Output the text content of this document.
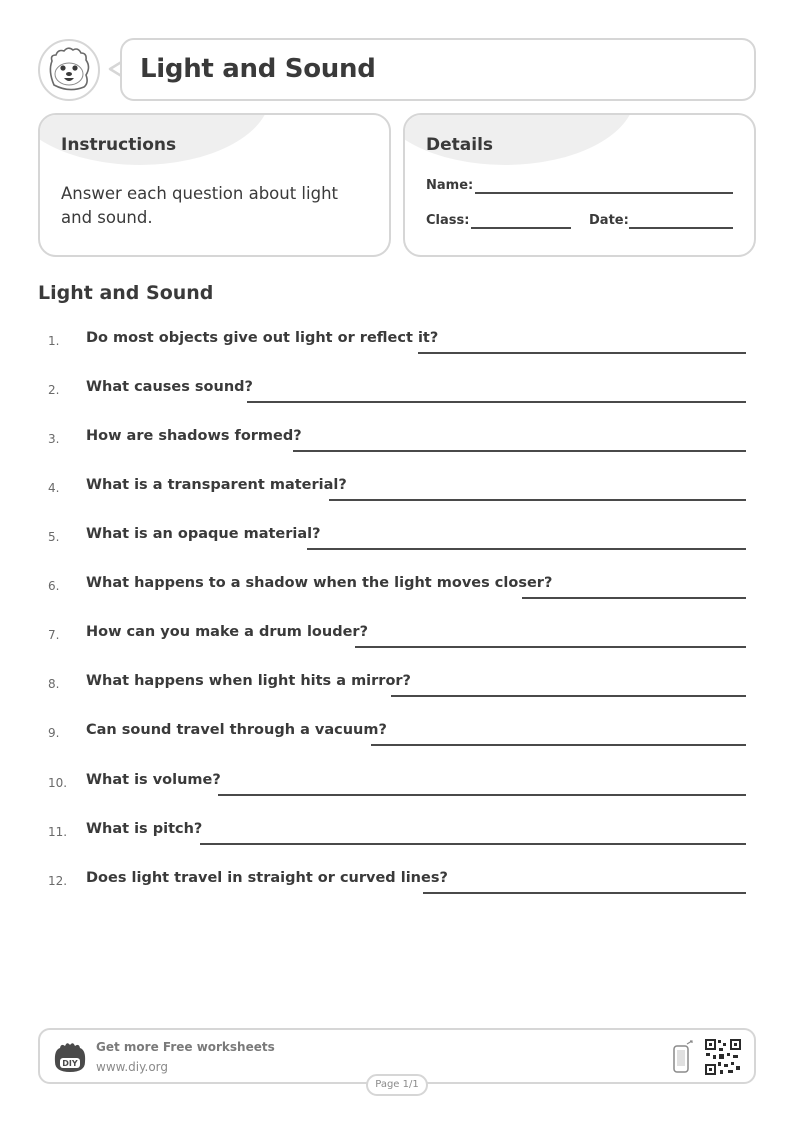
Light and Sound
Instructions
Answer each question about light and sound.
Details
Name:
Class:	Date:
Light and Sound
1. Do most objects give out light or reflect it?
2. What causes sound?
3. How are shadows formed?
4. What is a transparent material?
5. What is an opaque material?
6. What happens to a shadow when the light moves closer?
7. How can you make a drum louder?
8. What happens when light hits a mirror?
9. Can sound travel through a vacuum?
10. What is volume?
11. What is pitch?
12. Does light travel in straight or curved lines?
DIY
Get more Free worksheets
www.diy.org
Page 1/1
